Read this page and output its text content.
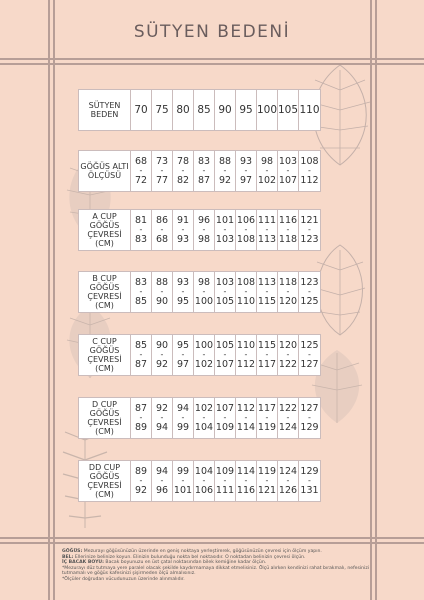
SÜTYEN BEDENİ
SÜTYEN BEDEN	70 75 80 85 90 95 100 105 110
GÖĞÜS ALTI ÖLÇÜSÜ
68
-
72
73
-
77
78
-
82
83
-
87
88
-
92
93
-
97
98
-
102
103
-
107
108
-
112
A CUP GÖĞÜS ÇEVRESİ (CM)
81
-
83
86
-
68
91
-
93
96
-
98
101
-
103
106
-
108
111
-
113
116
-
118
121
-
123
B CUP GÖĞÜS ÇEVRESİ (CM)
83
-
85
88
-
90
93
-
95
98
-
100
103
-
105
108
-
110
113
-
115
118
-
120
123
-
125
C CUP GÖĞÜS ÇEVRESİ (CM)
85
-
87
90
-
92
95
-
97
100
-
102
105
-
107
110
-
112
115
-
117
120
-
122
125
-
127
D CUP GÖĞÜS ÇEVRESİ (CM)
87
-
89
92
-
94
94
-
99
102
-
104
107
-
109
112
-
114
117
-
119
122
-
124
127
-
129
DD CUP GÖĞÜS ÇEVRESİ (CM)
89
-
92
94
-
96
99
-
101
104
-
106
109
-
111
114
-
116
119
-
121
124
-
126
129
-
131
GÖĞÜS: Mezurayı göğüsünüzün üzerinde en geniş noktaya yerleştirerek, göğüsünüzün çevresi için ölçüm yapın.
BEL: Ellerinize belinize koyun. Elinizin bulunduğu nokta bel noktasıdır. O noktadan belinizin çevresi ölçün.
İÇ BACAK BOYU: Bacak boyunuzu en üst çatal noktasından bilek kemiğine kadar ölçün.
*Mezurayı düz tutmaya yere paralel olacak şekilde kaydırmamaya dikkat etmelisiniz. Ölçü alırken kendinizi rahat bırakmalı, nefesinizi tutmamalı ve göğüs kafesinizi şişirmeden ölçü almalısınız.
*Ölçüler doğrudan vücudunuzun üzerinde alınmalıdır.
